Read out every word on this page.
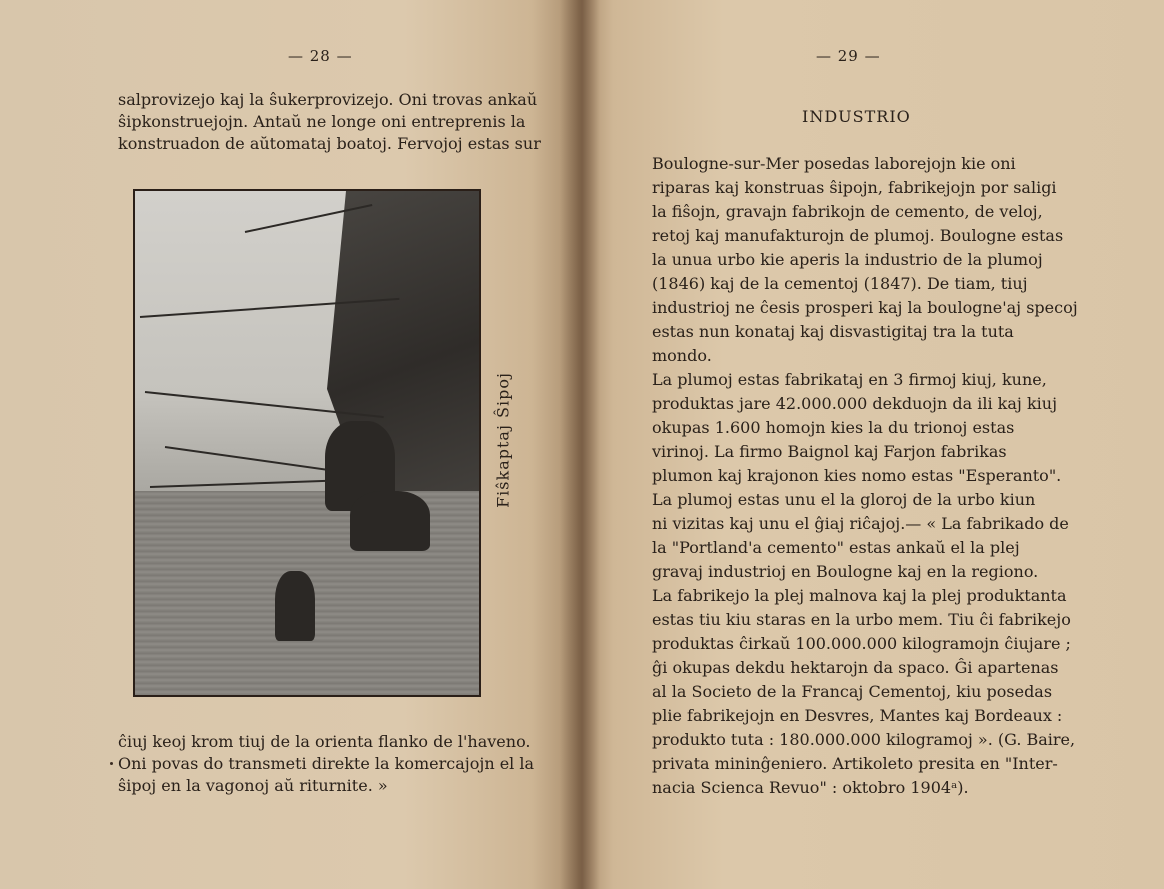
— 28 —
salprovizejo kaj la ŝukerprovizejo. Oni trovas ankaŭ
ŝipkonstruejojn. Antaŭ ne longe oni entreprenis la
konstruadon de aŭtomataj boatoj. Fervojoj estas sur
Fiŝkaptaj Ŝipoj
ĉiuj keoj krom tiuj de la orienta flanko de l'haveno.
Oni povas do transmeti direkte la komercajojn el la
ŝipoj en la vagonoj aŭ riturnite. »
— 29 —
INDUSTRIO
Boulogne-sur-Mer posedas laborejojn kie oni
riparas kaj konstruas ŝipojn, fabrikejojn por saligi
la fiŝojn, gravajn fabrikojn de cemento, de veloj,
retoj kaj manufakturojn de plumoj. Boulogne estas
la unua urbo kie aperis la industrio de la plumoj
(1846) kaj de la cementoj (1847). De tiam, tiuj
industrioj ne ĉesis prosperi kaj la boulogne'aj specoj
estas nun konataj kaj disvastigitaj tra la tuta
mondo.
La plumoj estas fabrikataj en 3 firmoj kiuj, kune,
produktas jare 42.000.000 dekduojn da ili kaj kiuj
okupas 1.600 homojn kies la du trionoj estas
virinoj. La firmo Baignol kaj Farjon fabrikas
plumon kaj krajonon kies nomo estas "Esperanto".
La plumoj estas unu el la gloroj de la urbo kiun
ni vizitas kaj unu el ĝiaj riĉajoj.— « La fabrikado de
la "Portland'a cemento" estas ankaŭ el la plej
gravaj industrioj en Boulogne kaj en la regiono.
La fabrikejo la plej malnova kaj la plej produktanta
estas tiu kiu staras en la urbo mem. Tiu ĉi fabrikejo
produktas ĉirkaŭ 100.000.000 kilogramojn ĉiujare ;
ĝi okupas dekdu hektarojn da spaco. Ĝi apartenas
al la Societo de la Francaj Cementoj, kiu posedas
plie fabrikejojn en Desvres, Mantes kaj Bordeaux :
produkto tuta : 180.000.000 kilogramoj ». (G. Baire,
privata mininĝeniero. Artikoleto presita en "Inter-
nacia Scienca Revuo" : oktobro 1904ᵃ).
